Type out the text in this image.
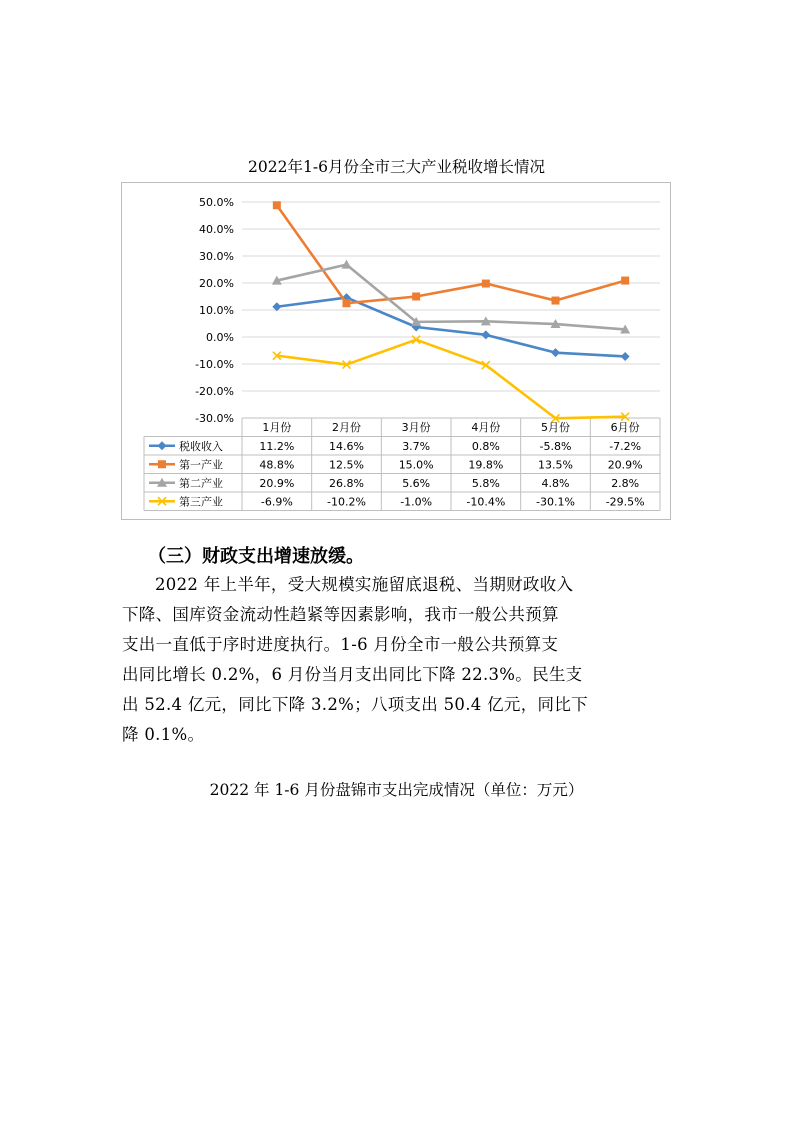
2022年1-6月份全市三大产业税收增长情况
50.0%
40.0%
30.0%
20.0%
10.0%
0.0%
-10.0%
-20.0%
-30.0%
1月份	2月份	3月份	4月份	5月份	6月份
税收收入	11.2%	14.6%	3.7%	0.8%	-5.8%	-7.2%
第一产业	48.8%	12.5%	15.0%	19.8%	13.5%	20.9%
第二产业	20.9%	26.8%	5.6%	5.8%	4.8%	2.8%
第三产业	-6.9%	-10.2%	-1.0%	-10.4%	-30.1%	-29.5%
（三）财政支出增速放缓。
2022 年上半年，受大规模实施留底退税、当期财政收入
下降、国库资金流动性趋紧等因素影响，我市一般公共预算
支出一直低于序时进度执行。1-6 月份全市一般公共预算支
出同比增长 0.2%，6 月份当月支出同比下降 22.3%。民生支
出 52.4 亿元，同比下降 3.2%；八项支出 50.4 亿元，同比下
降 0.1%。
2022 年 1-6 月份盘锦市支出完成情况（单位：万元）
